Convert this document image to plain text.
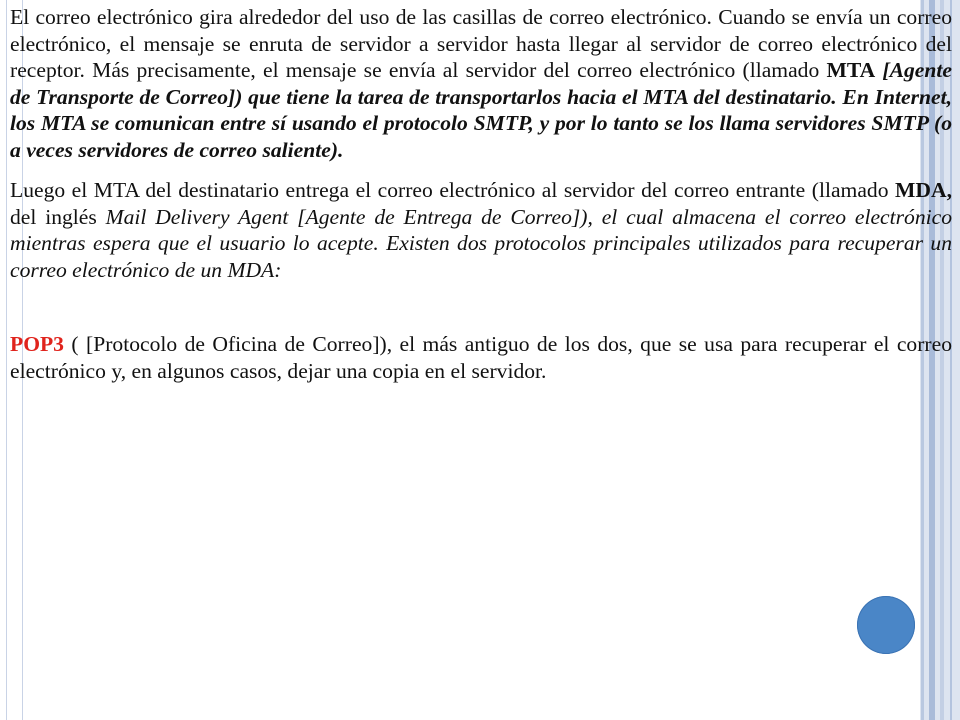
El correo electrónico gira alrededor del uso de las casillas de correo electrónico. Cuando se envía un correo electrónico, el mensaje se enruta de servidor a servidor hasta llegar al servidor de correo electrónico del receptor. Más precisamente, el mensaje se envía al servidor del correo electrónico (llamado MTA [Agente de Transporte de Correo]) que tiene la tarea de transportarlos hacia el MTA del destinatario. En Internet, los MTA se comunican entre sí usando el protocolo SMTP, y por lo tanto se los llama servidores SMTP (o a veces servidores de correo saliente).

Luego el MTA del destinatario entrega el correo electrónico al servidor del correo entrante (llamado MDA, del inglés Mail Delivery Agent [Agente de Entrega de Correo]), el cual almacena el correo electrónico mientras espera que el usuario lo acepte. Existen dos protocolos principales utilizados para recuperar un correo electrónico de un MDA:

POP3 ( [Protocolo de Oficina de Correo]), el más antiguo de los dos, que se usa para recuperar el correo electrónico y, en algunos casos, dejar una copia en el servidor.
